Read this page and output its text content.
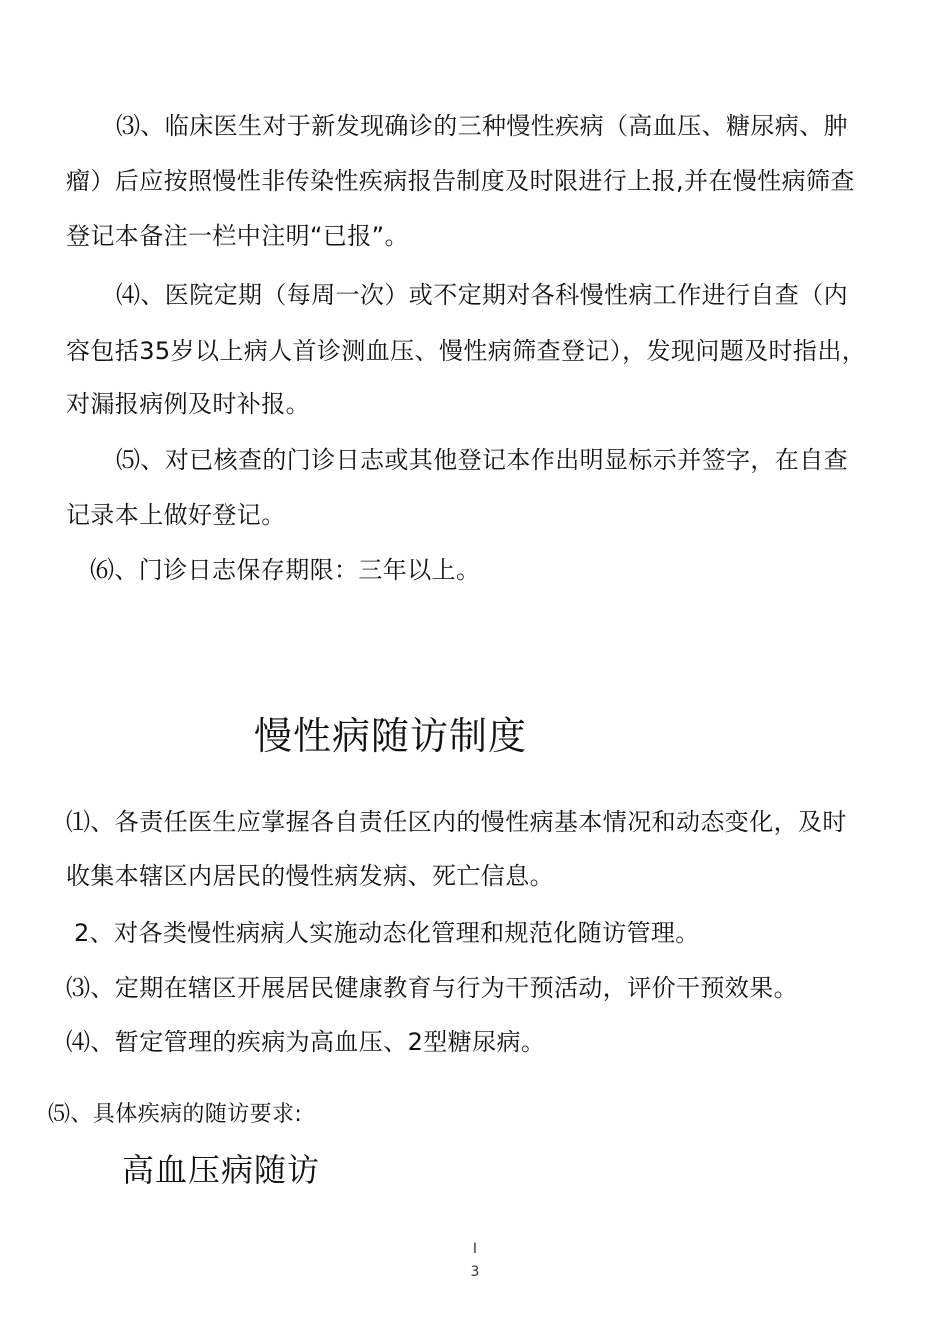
⑶、临床医生对于新发现确诊的三种慢性疾病（高血压、糖尿病、肿
瘤）后应按照慢性非传染性疾病报告制度及时限进行上报,并在慢性病筛查
登记本备注一栏中注明“已报”。
⑷、医院定期（每周一次）或不定期对各科慢性病工作进行自查（内
容包括35岁以上病人首诊测血压、慢性病筛查登记），发现问题及时指出，
对漏报病例及时补报。
⑸、对已核查的门诊日志或其他登记本作出明显标示并签字，在自查
记录本上做好登记。
⑹、门诊日志保存期限：三年以上。
慢性病随访制度
⑴、各责任医生应掌握各自责任区内的慢性病基本情况和动态变化，及时
收集本辖区内居民的慢性病发病、死亡信息。
2、对各类慢性病病人实施动态化管理和规范化随访管理。
⑶、定期在辖区开展居民健康教育与行为干预活动，评价干预效果。
⑷、暂定管理的疾病为高血压、2型糖尿病。
⑸、具体疾病的随访要求:
高血压病随访
I
3
